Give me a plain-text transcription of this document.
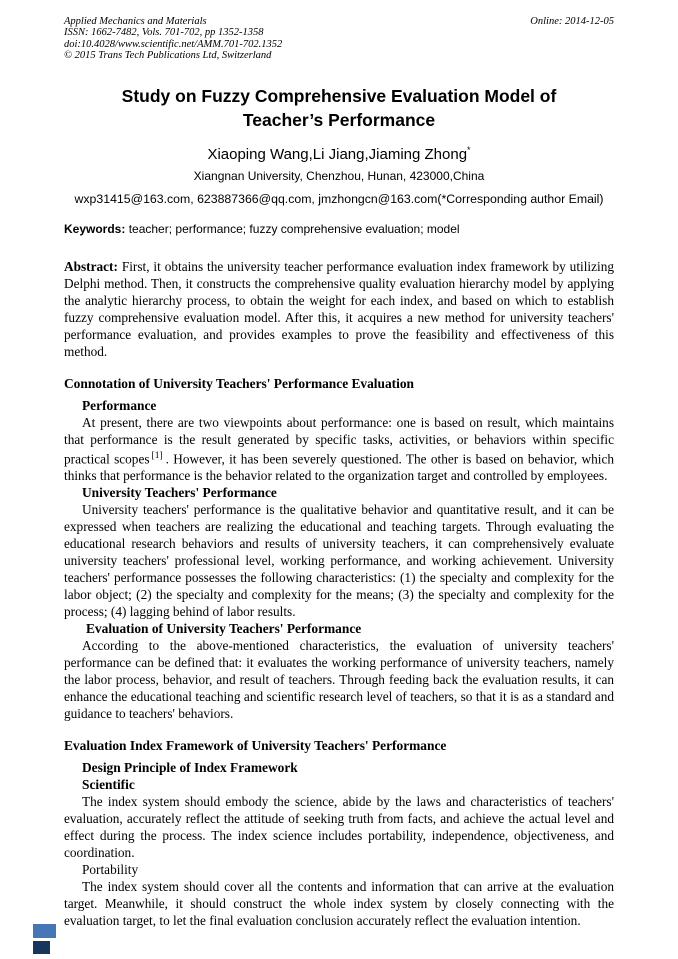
Applied Mechanics and Materials	Online: 2014-12-05
ISSN: 1662-7482, Vols. 701-702, pp 1352-1358
doi:10.4028/www.scientific.net/AMM.701-702.1352
© 2015 Trans Tech Publications Ltd, Switzerland
Study on Fuzzy Comprehensive Evaluation Model of Teacher’s Performance
Xiaoping Wang,Li Jiang,Jiaming Zhong*
Xiangnan University, Chenzhou, Hunan, 423000,China
wxp31415@163.com, 623887366@qq.com, jmzhongcn@163.com(*Corresponding author Email)

Keywords: teacher; performance; fuzzy comprehensive evaluation; model

Abstract: First, it obtains the university teacher performance evaluation index framework by utilizing Delphi method. Then, it constructs the comprehensive quality evaluation hierarchy model by applying the analytic hierarchy process, to obtain the weight for each index, and based on which to establish fuzzy comprehensive evaluation model. After this, it acquires a new method for university teachers' performance evaluation, and provides examples to prove the feasibility and effectiveness of this method.

Connotation of University Teachers' Performance Evaluation
Performance

At present, there are two viewpoints about performance: one is based on result, which maintains that performance is the result generated by specific tasks, activities, or behaviors within specific practical scopes [1] . However, it has been severely questioned. The other is based on behavior, which thinks that performance is the behavior related to the organization target and controlled by employees.

University Teachers' Performance

University teachers' performance is the qualitative behavior and quantitative result, and it can be expressed when teachers are realizing the educational and teaching targets. Through evaluating the educational research behaviors and results of university teachers, it can comprehensively evaluate university teachers' professional level, working performance, and working achievement. University teachers' performance possesses the following characteristics: (1) the specialty and complexity for the labor object; (2) the specialty and complexity for the means; (3) the specialty and complexity for the process; (4) lagging behind of labor results.

Evaluation of University Teachers' Performance

According to the above-mentioned characteristics, the evaluation of university teachers' performance can be defined that: it evaluates the working performance of university teachers, namely the labor process, behavior, and result of teachers. Through feeding back the evaluation results, it can enhance the educational teaching and scientific research level of teachers, so that it is as a standard and guidance to teachers' behaviors.

Evaluation Index Framework of University Teachers' Performance
Design Principle of Index Framework
Scientific

The index system should embody the science, abide by the laws and characteristics of teachers' evaluation, accurately reflect the attitude of seeking truth from facts, and achieve the actual level and effect during the process. The index science includes portability, independence, objectiveness, and coordination.

Portability

The index system should cover all the contents and information that can arrive at the evaluation target. Meanwhile, it should construct the whole index system by closely connecting with the evaluation target, to let the final evaluation conclusion accurately reflect the evaluation intention.
